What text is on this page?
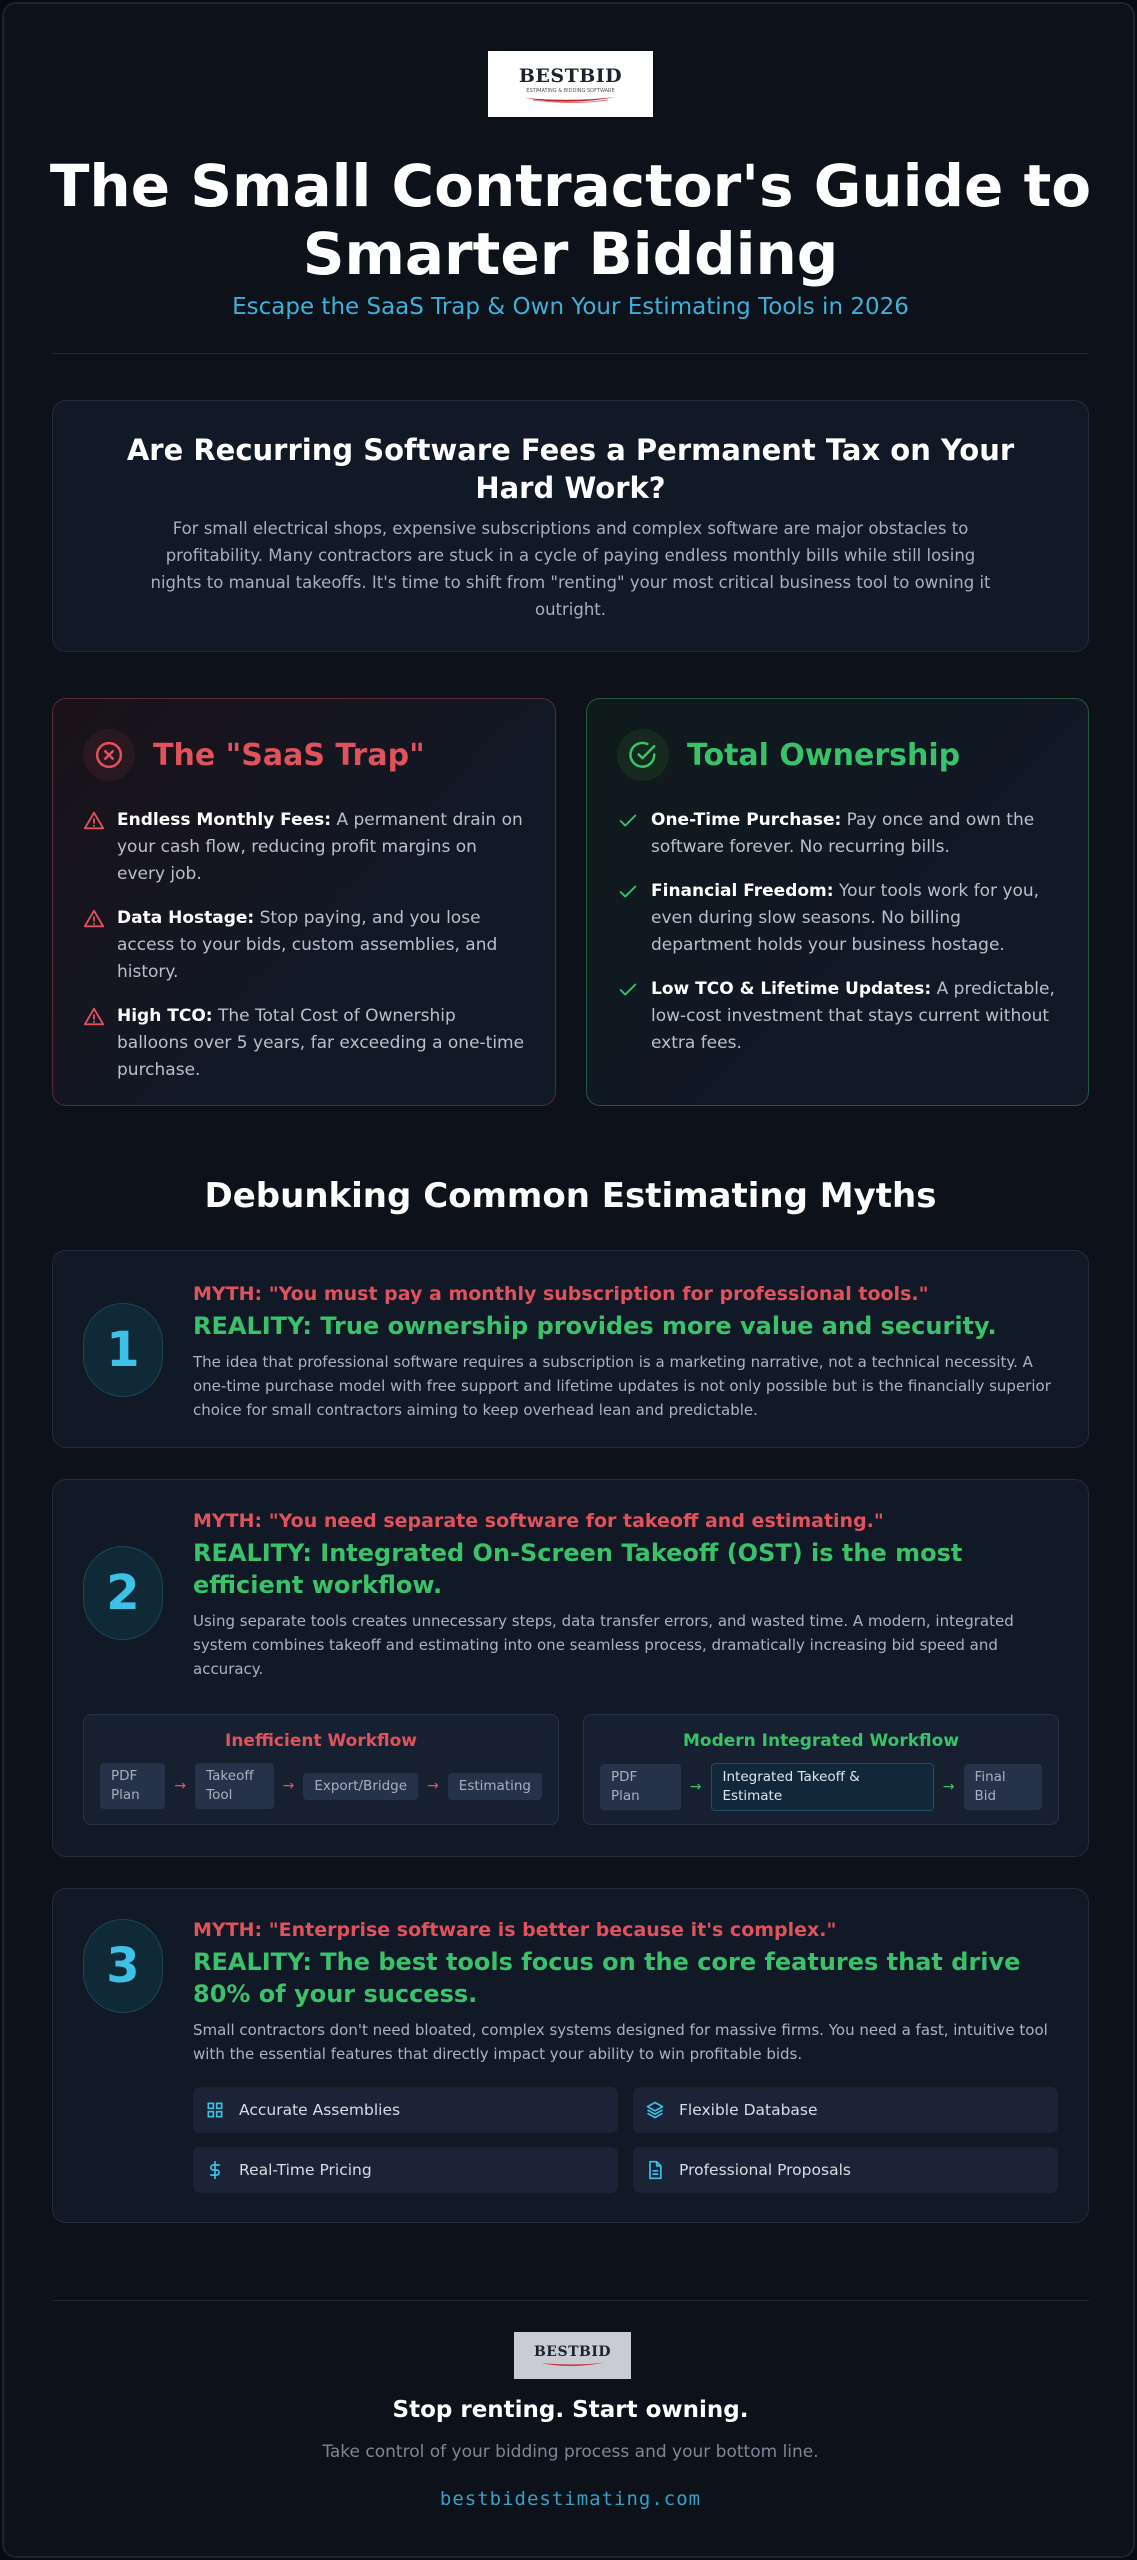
BESTBID
ESTIMATING & BIDDING SOFTWARE
The Small Contractor's Guide to Smarter Bidding
Escape the SaaS Trap & Own Your Estimating Tools in 2026
Are Recurring Software Fees a Permanent Tax on Your Hard Work?

For small electrical shops, expensive subscriptions and complex software are major obstacles to profitability. Many contractors are stuck in a cycle of paying endless monthly bills while still losing nights to manual takeoffs. It's time to shift from "renting" your most critical business tool to owning it outright.

The "SaaS Trap"

Endless Monthly Fees: A permanent drain on your cash flow, reducing profit margins on every job.

Data Hostage: Stop paying, and you lose access to your bids, custom assemblies, and history.

High TCO: The Total Cost of Ownership balloons over 5 years, far exceeding a one-time purchase.

Total Ownership

One-Time Purchase: Pay once and own the software forever. No recurring bills.

Financial Freedom: Your tools work for you, even during slow seasons. No billing department holds your business hostage.

Low TCO & Lifetime Updates: A predictable, low-cost investment that stays current without extra fees.

Debunking Common Estimating Myths
1
MYTH: "You must pay a monthly subscription for professional tools."
REALITY: True ownership provides more value and security.

The idea that professional software requires a subscription is a marketing narrative, not a technical necessity. A one-time purchase model with free support and lifetime updates is not only possible but is the financially superior choice for small contractors aiming to keep overhead lean and predictable.

2
MYTH: "You need separate software for takeoff and estimating."
REALITY: Integrated On-Screen Takeoff (OST) is the most efficient workflow.

Using separate tools creates unnecessary steps, data transfer errors, and wasted time. A modern, integrated system combines takeoff and estimating into one seamless process, dramatically increasing bid speed and accuracy.

Inefficient Workflow
PDF Plan
→
Takeoff Tool
→	Export/Bridge	→	Estimating
Modern Integrated Workflow
PDF Plan
→
Integrated Takeoff & Estimate
→
Final Bid
3
MYTH: "Enterprise software is better because it's complex."
REALITY: The best tools focus on the core features that drive 80% of your success.

Small contractors don't need bloated, complex systems designed for massive firms. You need a fast, intuitive tool with the essential features that directly impact your ability to win profitable bids.

Accurate Assemblies	Flexible Database
Real-Time Pricing	Professional Proposals
BESTBID
Stop renting. Start owning.
Take control of your bidding process and your bottom line.
bestbidestimating.com
